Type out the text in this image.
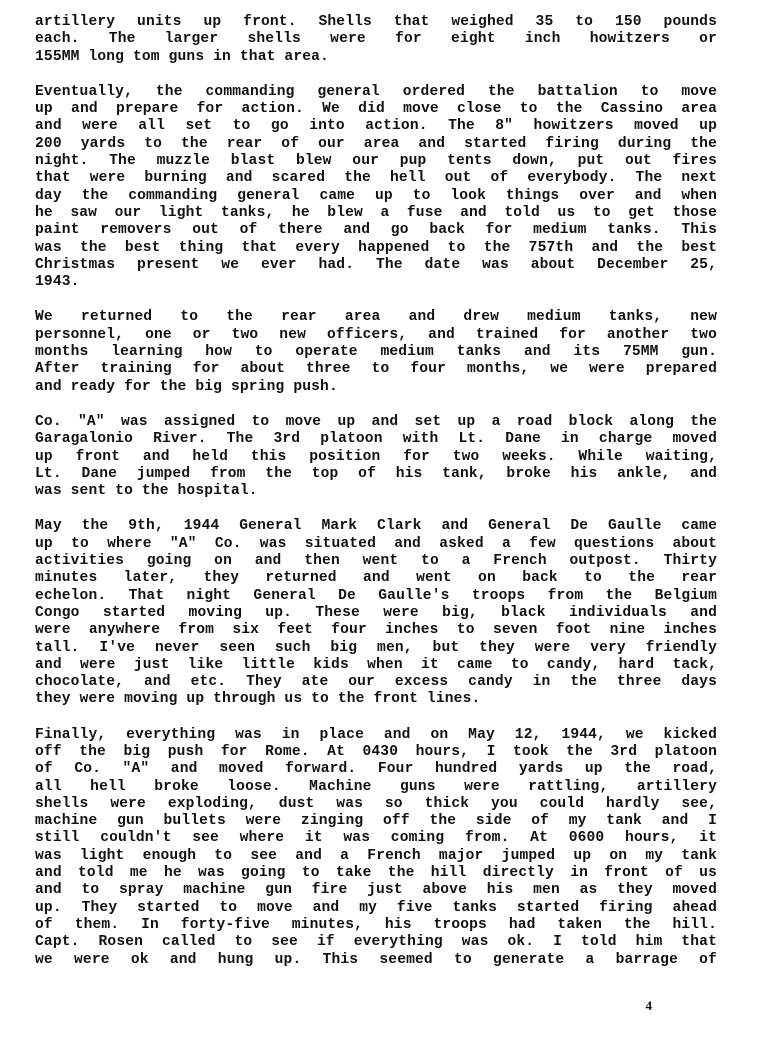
artillery units up front. Shells that weighed 35 to 150 pounds
each. The larger shells were for eight inch howitzers or
155MM long tom guns in that area.
Eventually, the commanding general ordered the battalion to move
up and prepare for action. We did move close to the Cassino area
and were all set to go into action. The 8" howitzers moved up
200 yards to the rear of our area and started firing during the
night. The muzzle blast blew our pup tents down, put out fires
that were burning and scared the hell out of everybody. The next
day the commanding general came up to look things over and when
he saw our light tanks, he blew a fuse and told us to get those
paint removers out of there and go back for medium tanks. This
was the best thing that every happened to the 757th and the best
Christmas present we ever had. The date was about December 25,
1943.
We returned to the rear area and drew medium tanks, new
personnel, one or two new officers, and trained for another two
months learning how to operate medium tanks and its 75MM gun.
After training for about three to four months, we were prepared
and ready for the big spring push.
Co. "A" was assigned to move up and set up a road block along the
Garagalonio River. The 3rd platoon with Lt. Dane in charge moved
up front and held this position for two weeks. While waiting,
Lt. Dane jumped from the top of his tank, broke his ankle, and
was sent to the hospital.
May the 9th, 1944 General Mark Clark and General De Gaulle came
up to where "A" Co. was situated and asked a few questions about
activities going on and then went to a French outpost. Thirty
minutes later, they returned and went on back to the rear
echelon. That night General De Gaulle's troops from the Belgium
Congo started moving up. These were big, black individuals and
were anywhere from six feet four inches to seven foot nine inches
tall. I've never seen such big men, but they were very friendly
and were just like little kids when it came to candy, hard tack,
chocolate, and etc. They ate our excess candy in the three days
they were moving up through us to the front lines.
Finally, everything was in place and on May 12, 1944, we kicked
off the big push for Rome. At 0430 hours, I took the 3rd platoon
of Co. "A" and moved forward. Four hundred yards up the road,
all hell broke loose. Machine guns were rattling, artillery
shells were exploding, dust was so thick you could hardly see,
machine gun bullets were zinging off the side of my tank and I
still couldn't see where it was coming from. At 0600 hours, it
was light enough to see and a French major jumped up on my tank
and told me he was going to take the hill directly in front of us
and to spray machine gun fire just above his men as they moved
up. They started to move and my five tanks started firing ahead
of them. In forty-five minutes, his troops had taken the hill.
Capt. Rosen called to see if everything was ok. I told him that
we were ok and hung up. This seemed to generate a barrage of
4
